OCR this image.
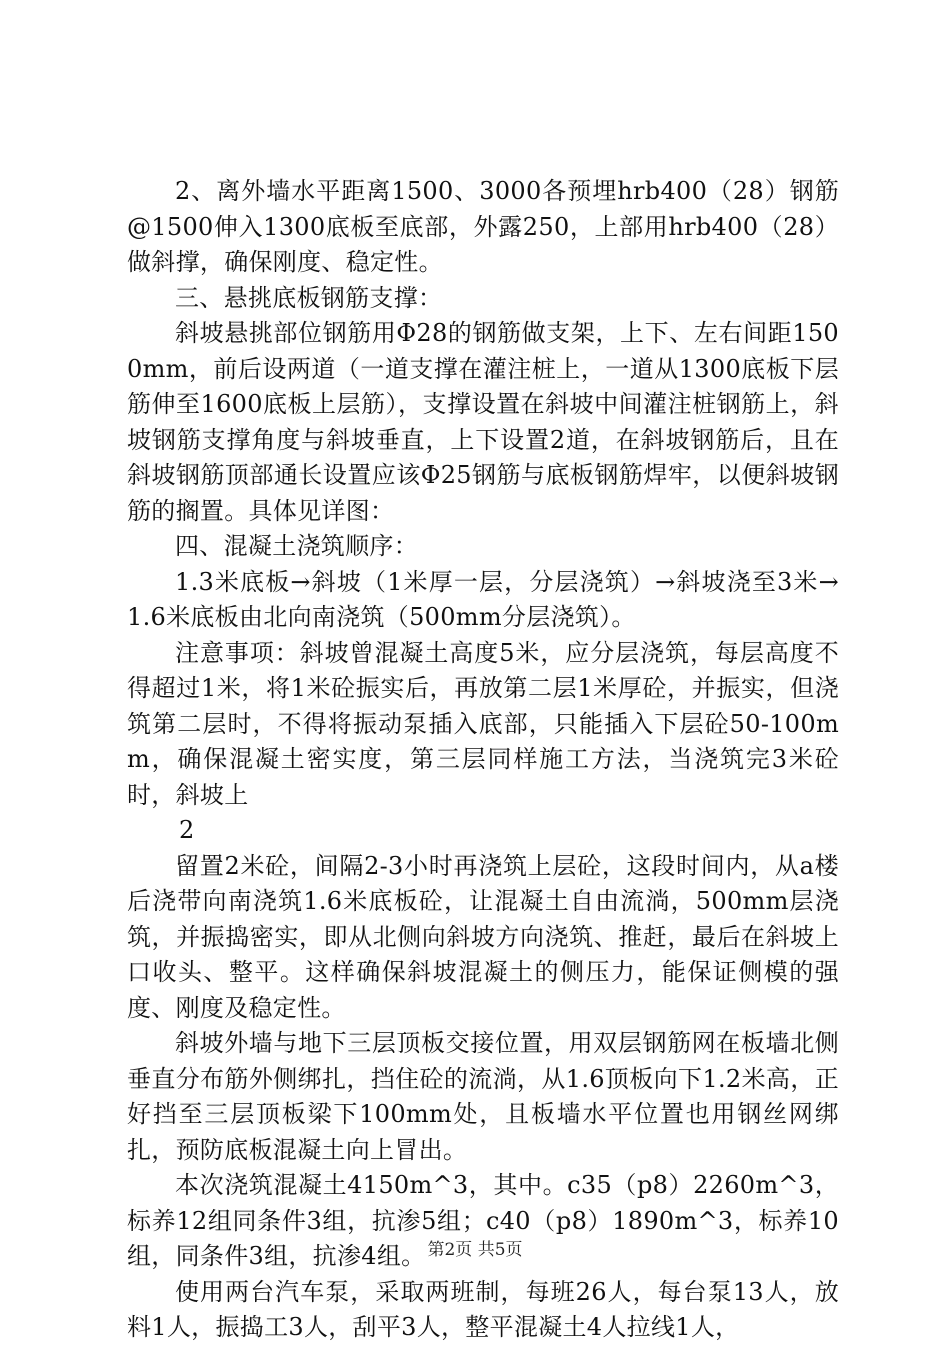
2、离外墙水平距离1500、3000各预埋hrb400（28）钢筋@1500伸入1300底板至底部，外露250，上部用hrb400（28）做斜撑，确保刚度、稳定性。

三、悬挑底板钢筋支撑：

斜坡悬挑部位钢筋用Φ28的钢筋做支架，上下、左右间距1500mm，前后设两道（一道支撑在灌注桩上，一道从1300底板下层筋伸至1600底板上层筋），支撑设置在斜坡中间灌注桩钢筋上，斜坡钢筋支撑角度与斜坡垂直，上下设置2道，在斜坡钢筋后，且在斜坡钢筋顶部通长设置应该Φ25钢筋与底板钢筋焊牢，以便斜坡钢筋的搁置。具体见详图：

四、混凝土浇筑顺序：

1.3米底板→斜坡（1米厚一层，分层浇筑）→斜坡浇至3米→1.6米底板由北向南浇筑（500mm分层浇筑）。

注意事项：斜坡曾混凝土高度5米，应分层浇筑，每层高度不得超过1米，将1米砼振实后，再放第二层1米厚砼，并振实，但浇筑第二层时，不得将振动泵插入底部，只能插入下层砼50-100mm，确保混凝土密实度，第三层同样施工方法，当浇筑完3米砼时，斜坡上

2

留置2米砼，间隔2-3小时再浇筑上层砼，这段时间内，从a楼后浇带向南浇筑1.6米底板砼，让混凝土自由流淌，500mm层浇筑，并振捣密实，即从北侧向斜坡方向浇筑、推赶，最后在斜坡上口收头、整平。这样确保斜坡混凝土的侧压力，能保证侧模的强度、刚度及稳定性。

斜坡外墙与地下三层顶板交接位置，用双层钢筋网在板墙北侧垂直分布筋外侧绑扎，挡住砼的流淌，从1.6顶板向下1.2米高，正好挡至三层顶板梁下100mm处，且板墙水平位置也用钢丝网绑扎，预防底板混凝土向上冒出。

本次浇筑混凝土4150m^3，其中。c35（p8）2260m^3，标养12组同条件3组，抗渗5组；c40（p8）1890m^3，标养10组，同条件3组，抗渗4组。

使用两台汽车泵，采取两班制，每班26人，每台泵13人，放料1人，振捣工3人，刮平3人，整平混凝土4人拉线1人，

第2页 共5页
